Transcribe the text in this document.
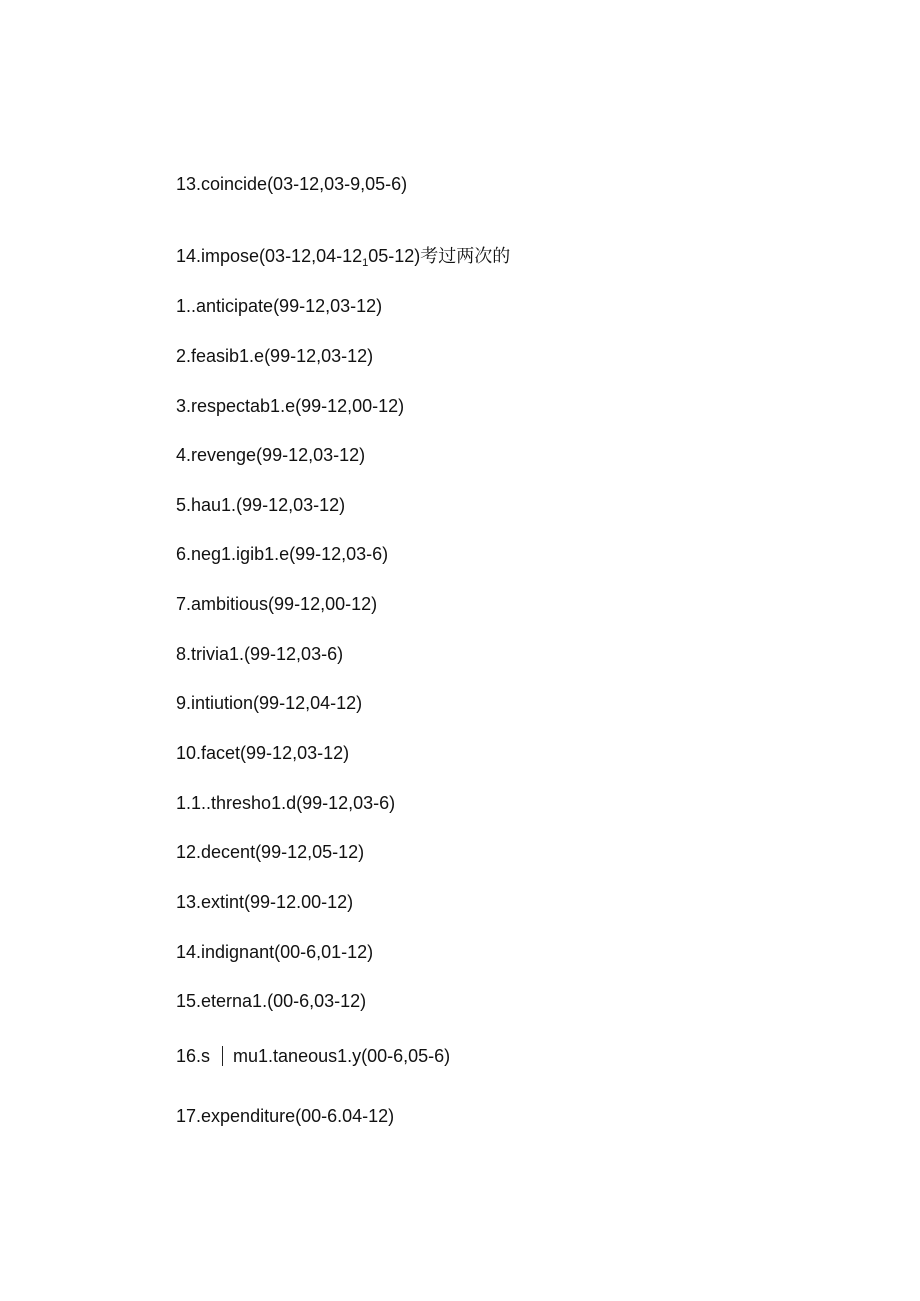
13.coincide(03-12,03-9,05-6)
$14.impose(03-12,04-12_105-12)$考过两次的
1..anticipate(99-12,03-12)
2.feasib1.e(99-12,03-12)
3.respectab1.e(99-12,00-12)
4.revenge(99-12,03-12)
5.hau1.(99-12,03-12)
6.neg1.igib1.e(99-12,03-6)
7.ambitious(99-12,00-12)
8.trivia1.(99-12,03-6)
9.intiution(99-12,04-12)
10.facet(99-12,03-12)
1.1..thresho1.d(99-12,03-6)
12.decent(99-12,05-12)
13.extint(99-12.00-12)
14.indignant(00-6,01-12)
15.eterna1.(00-6,03-12)
16.s mu1.taneous1.y(00-6,05-6)
17.expenditure(00-6.04-12)
